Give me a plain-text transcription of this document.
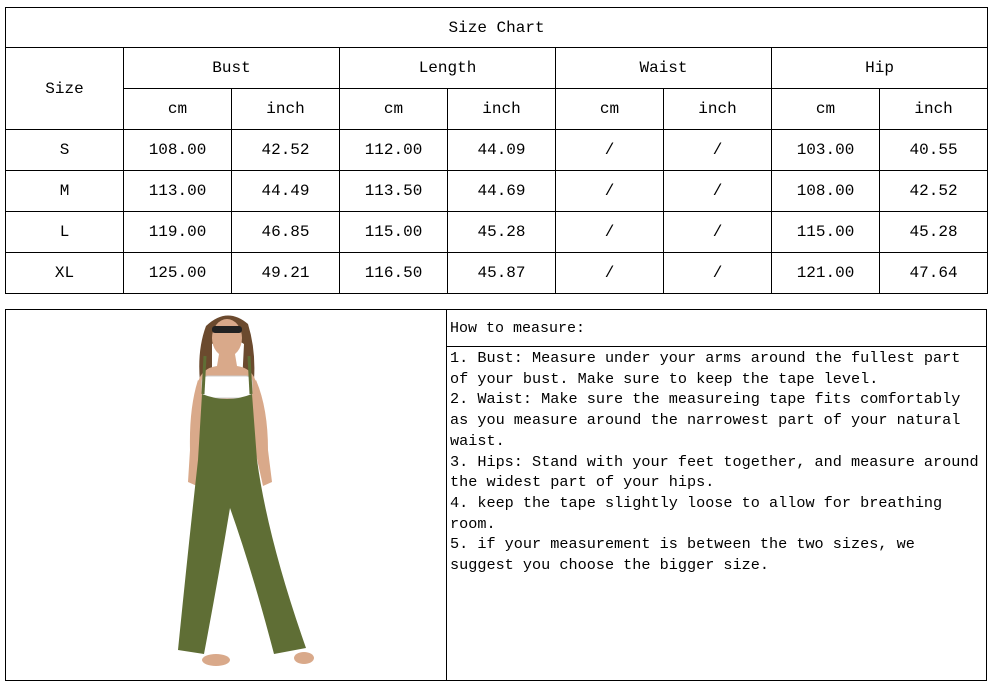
Size Chart								
Size	Bust		Length		Waist		Hip	
	cm	inch	cm	inch	cm	inch	cm	inch
S	108.00	42.52	112.00	44.09	/	/	103.00	40.55
M	113.00	44.49	113.50	44.69	/	/	108.00	42.52
L	119.00	46.85	115.00	45.28	/	/	115.00	45.28
XL	125.00	49.21	116.50	45.87	/	/	121.00	47.64
How to measure:
1. Bust: Measure under your arms around the fullest part of your bust. Make sure to keep the tape level.
2. Waist: Make sure the measureing tape fits comfortably as you measure around the narrowest part of your natural waist.
3. Hips: Stand with your feet together, and measure around the widest part of your hips.
4. keep the tape slightly loose to allow for breathing room.
5. if your measurement is between the two sizes, we suggest you choose the bigger size.
